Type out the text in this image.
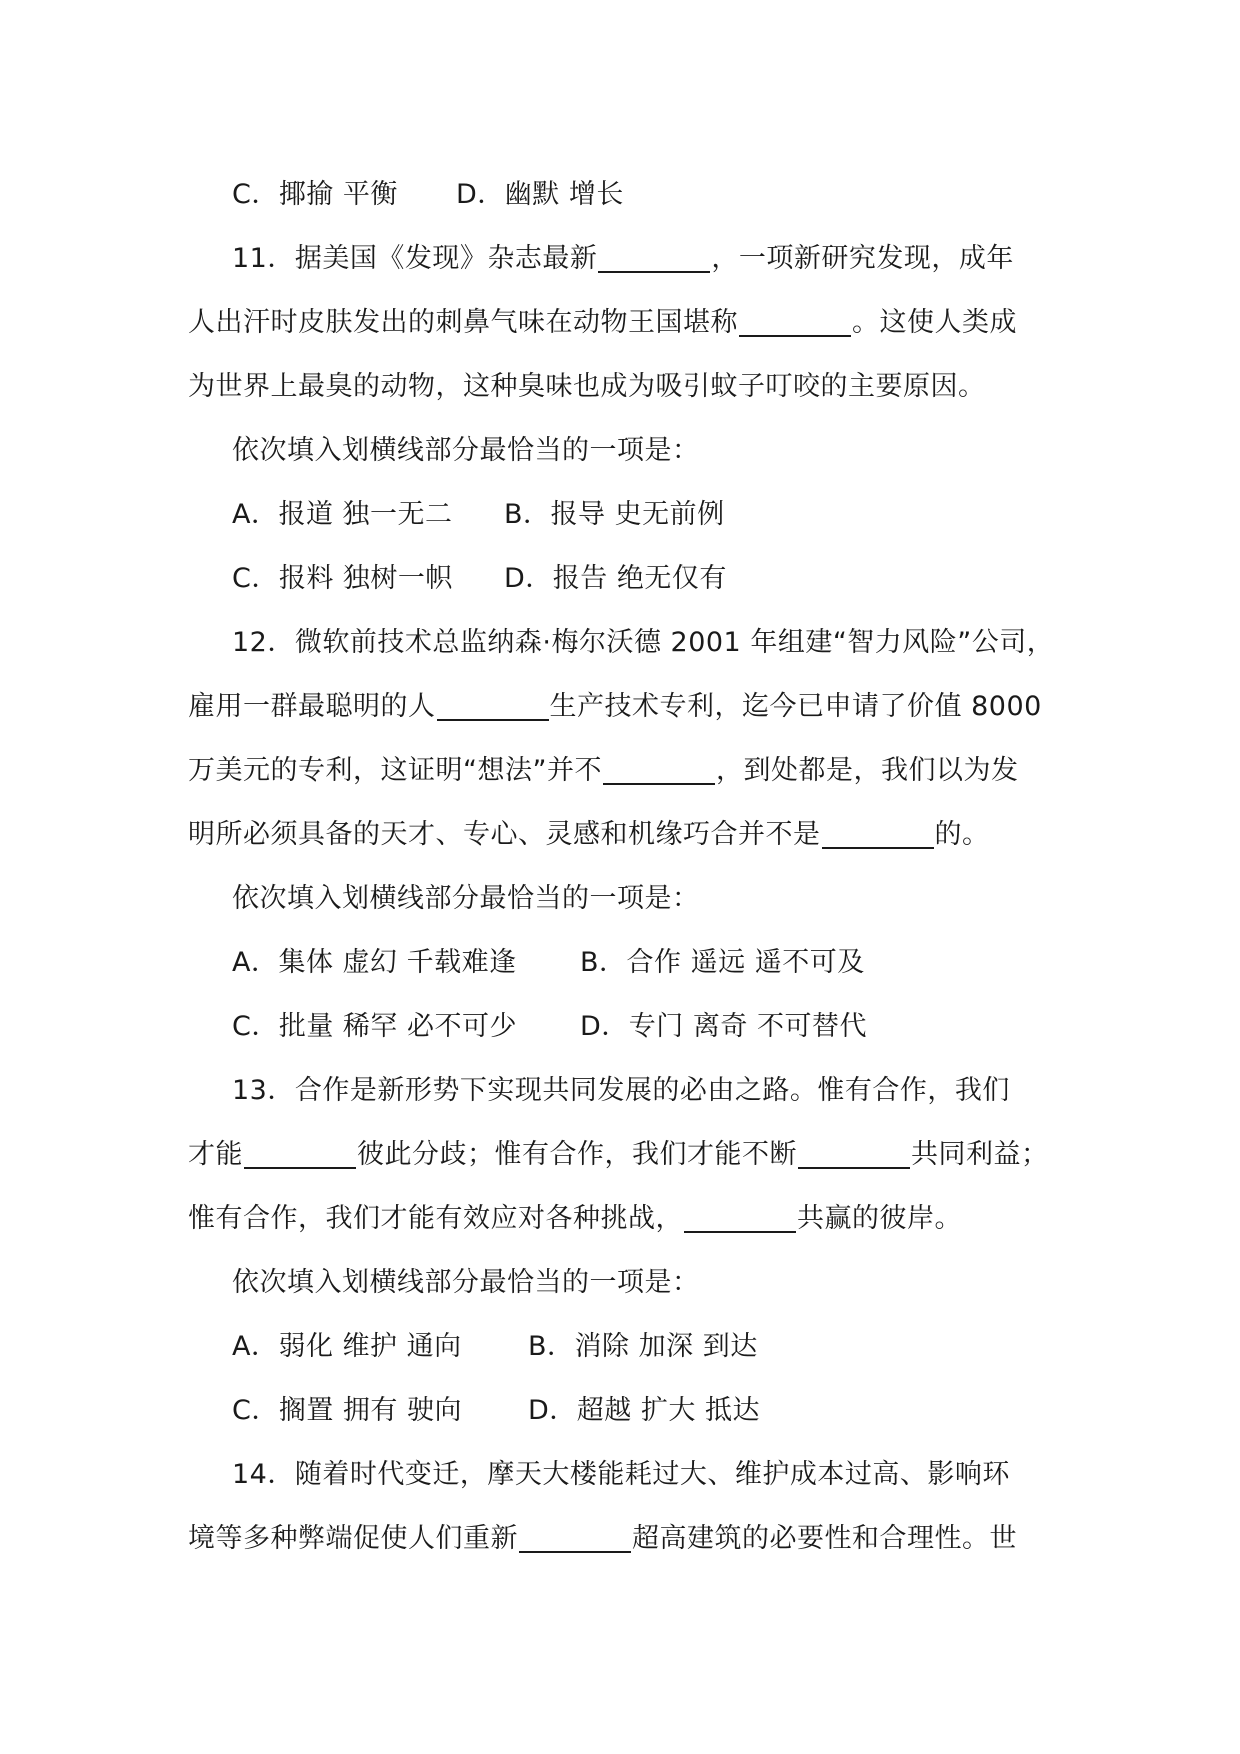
C．揶揄 平衡 D．幽默 增长
11．据美国《发现》杂志最新	，一项新研究发现，成年
人出汗时皮肤发出的刺鼻气味在动物王国堪称	。这使人类成
为世界上最臭的动物，这种臭味也成为吸引蚊子叮咬的主要原因。
依次填入划横线部分最恰当的一项是：
A．报道 独一无二 B．报导 史无前例
C．报料 独树一帜 D．报告 绝无仅有
12．微软前技术总监纳森·梅尔沃德 2001 年组建“智力风险”公司，
雇用一群最聪明的人	生产技术专利，迄今已申请了价值 8000
万美元的专利，这证明“想法”并不	，到处都是，我们以为发
明所必须具备的天才、专心、灵感和机缘巧合并不是	的。
依次填入划横线部分最恰当的一项是：
A．集体 虚幻 千载难逢 B．合作 遥远 遥不可及
C．批量 稀罕 必不可少 D．专门 离奇 不可替代
13．合作是新形势下实现共同发展的必由之路。惟有合作，我们
才能	彼此分歧；惟有合作，我们才能不断	共同利益；
惟有合作，我们才能有效应对各种挑战，	共赢的彼岸。
依次填入划横线部分最恰当的一项是：
A．弱化 维护 通向 B．消除 加深 到达
C．搁置 拥有 驶向 D．超越 扩大 抵达
14．随着时代变迁，摩天大楼能耗过大、维护成本过高、影响环
境等多种弊端促使人们重新	超高建筑的必要性和合理性。世
